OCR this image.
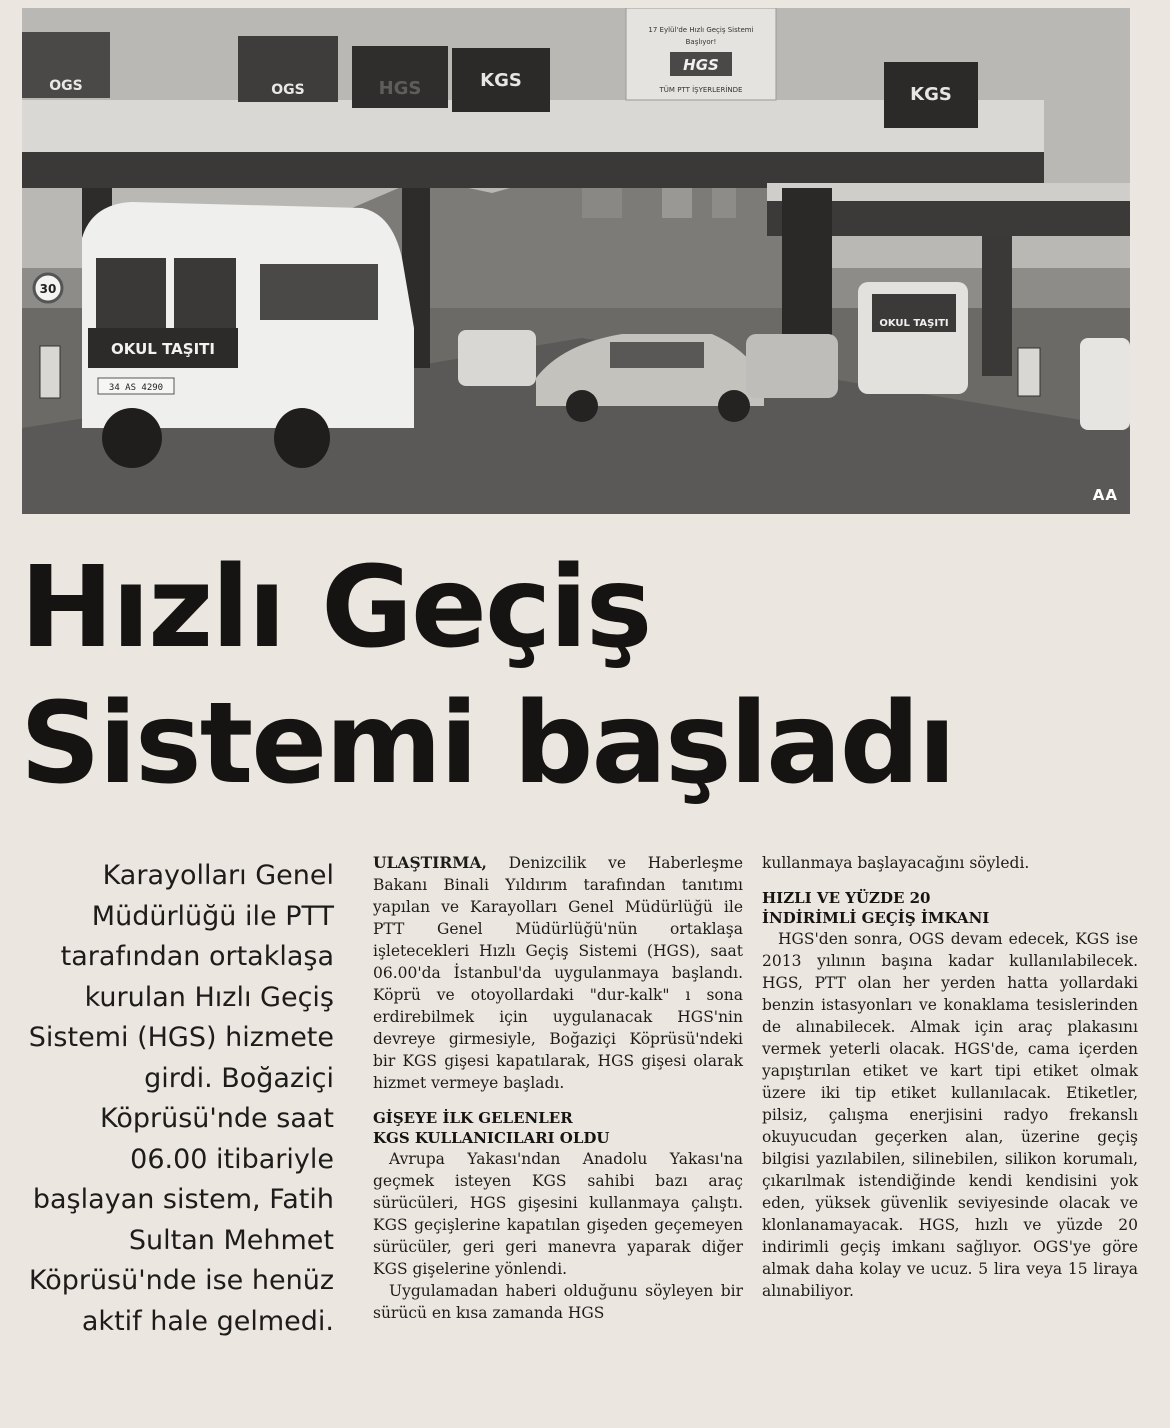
OGS	OGS	HGS	KGS
KGS
17 Eylül'de Hızlı Geçiş Sistemi
Başlıyor!
HGS
TÜM PTT İŞYERLERİNDE
30
OKUL TAŞITI
34 AS 4290
OKUL TAŞITI
AA
Hızlı Geçiş
Sistemi başladı

Karayolları Genel Müdürlüğü ile PTT tarafından ortaklaşa kurulan Hızlı Geçiş Sistemi (HGS) hizmete girdi. Boğaziçi Köprüsü'nde saat 06.00 itibariyle başlayan sistem, Fatih Sultan Mehmet Köprüsü'nde ise henüz aktif hale gelmedi.

ULAŞTIRMA, Denizcilik ve Haberleşme Bakanı Binali Yıldırım tarafından tanıtımı yapılan ve Karayolları Genel Müdürlüğü ile PTT Genel Müdürlüğü'nün ortaklaşa işletecekleri Hızlı Geçiş Sistemi (HGS), saat 06.00'da İstanbul'da uygulanmaya başlandı. Köprü ve otoyollardaki "dur-kalk" ı sona erdirebilmek için uygulanacak HGS'nin devreye girmesiyle, Boğaziçi Köprüsü'ndeki bir KGS gişesi kapatılarak, HGS gişesi olarak hizmet vermeye başladı.

GİŞEYE İLK GELENLER
KGS KULLANICILARI OLDU

Avrupa Yakası'ndan Anadolu Yakası'na geçmek isteyen KGS sahibi bazı araç sürücüleri, HGS gişesini kullanmaya çalıştı. KGS geçişlerine kapatılan gişeden geçemeyen sürücüler, geri geri manevra yaparak diğer KGS gişelerine yönlendi.

Uygulamadan haberi olduğunu söyleyen bir sürücü en kısa zamanda HGS

kullanmaya başlayacağını söyledi.

HIZLI VE YÜZDE 20
İNDİRİMLİ GEÇİŞ İMKANI

HGS'den sonra, OGS devam edecek, KGS ise 2013 yılının başına kadar kullanılabilecek. HGS, PTT olan her yerden hatta yollardaki benzin istasyonları ve konaklama tesislerinden de alınabilecek. Almak için araç plakasını vermek yeterli olacak. HGS'de, cama içerden yapıştırılan etiket ve kart tipi etiket olmak üzere iki tip etiket kullanılacak. Etiketler, pilsiz, çalışma enerjisini radyo frekanslı okuyucudan geçerken alan, üzerine geçiş bilgisi yazılabilen, silinebilen, silikon korumalı, çıkarılmak istendiğinde kendi kendisini yok eden, yüksek güvenlik seviyesinde olacak ve klonlanamayacak. HGS, hızlı ve yüzde 20 indirimli geçiş imkanı sağlıyor. OGS'ye göre almak daha kolay ve ucuz. 5 lira veya 15 liraya alınabiliyor.
